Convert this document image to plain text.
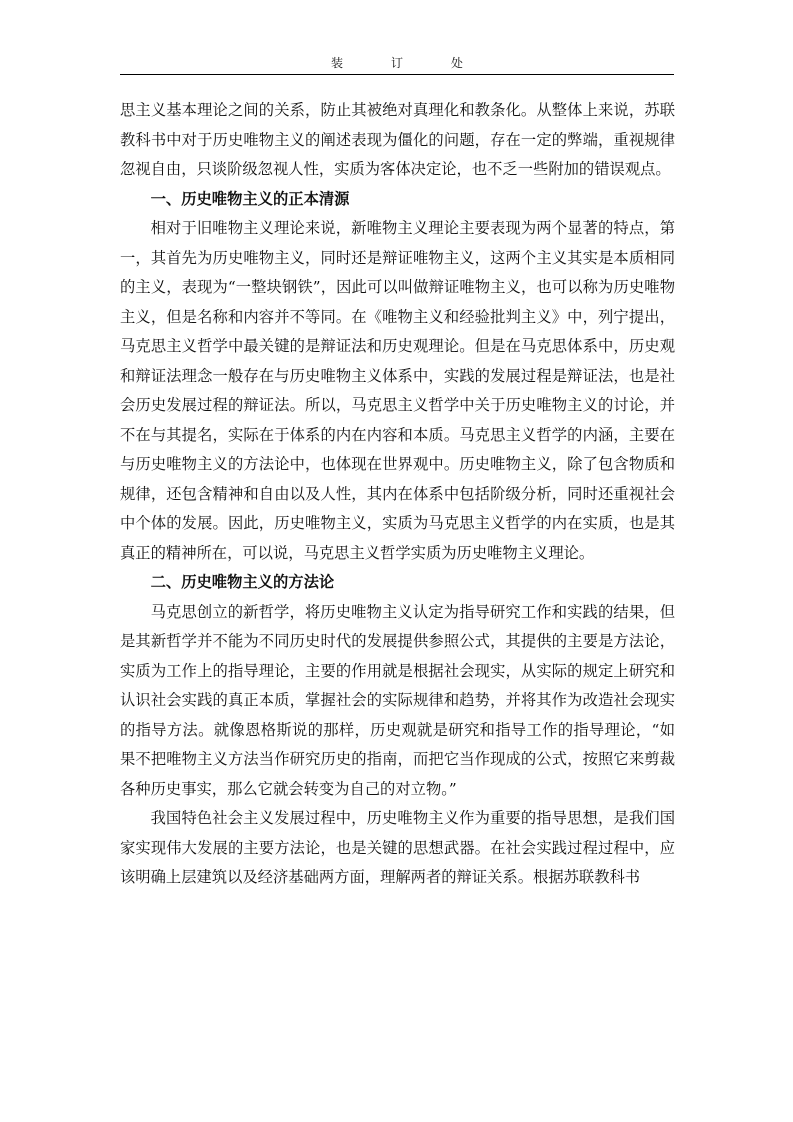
装　订　处

思主义基本理论之间的关系，防止其被绝对真理化和教条化。从整体上来说，苏联教科书中对于历史唯物主义的阐述表现为僵化的问题，存在一定的弊端，重视规律忽视自由，只谈阶级忽视人性，实质为客体决定论，也不乏一些附加的错误观点。

一、历史唯物主义的正本清源

相对于旧唯物主义理论来说，新唯物主义理论主要表现为两个显著的特点，第一，其首先为历史唯物主义，同时还是辩证唯物主义，这两个主义其实是本质相同的主义，表现为“一整块钢铁”，因此可以叫做辩证唯物主义，也可以称为历史唯物主义，但是名称和内容并不等同。在《唯物主义和经验批判主义》中，列宁提出，马克思主义哲学中最关键的是辩证法和历史观理论。但是在马克思体系中，历史观和辩证法理念一般存在与历史唯物主义体系中，实践的发展过程是辩证法，也是社会历史发展过程的辩证法。所以，马克思主义哲学中关于历史唯物主义的讨论，并不在与其提名，实际在于体系的内在内容和本质。马克思主义哲学的内涵，主要在与历史唯物主义的方法论中，也体现在世界观中。历史唯物主义，除了包含物质和规律，还包含精神和自由以及人性，其内在体系中包括阶级分析，同时还重视社会中个体的发展。因此，历史唯物主义，实质为马克思主义哲学的内在实质，也是其真正的精神所在，可以说，马克思主义哲学实质为历史唯物主义理论。

二、历史唯物主义的方法论

马克思创立的新哲学，将历史唯物主义认定为指导研究工作和实践的结果，但是其新哲学并不能为不同历史时代的发展提供参照公式，其提供的主要是方法论，实质为工作上的指导理论，主要的作用就是根据社会现实，从实际的规定上研究和认识社会实践的真正本质，掌握社会的实际规律和趋势，并将其作为改造社会现实的指导方法。就像恩格斯说的那样，历史观就是研究和指导工作的指导理论，“如果不把唯物主义方法当作研究历史的指南，而把它当作现成的公式，按照它来剪裁各种历史事实，那么它就会转变为自己的对立物。”

我国特色社会主义发展过程中，历史唯物主义作为重要的指导思想，是我们国家实现伟大发展的主要方法论，也是关键的思想武器。在社会实践过程过程中，应该明确上层建筑以及经济基础两方面，理解两者的辩证关系。根据苏联教科书
